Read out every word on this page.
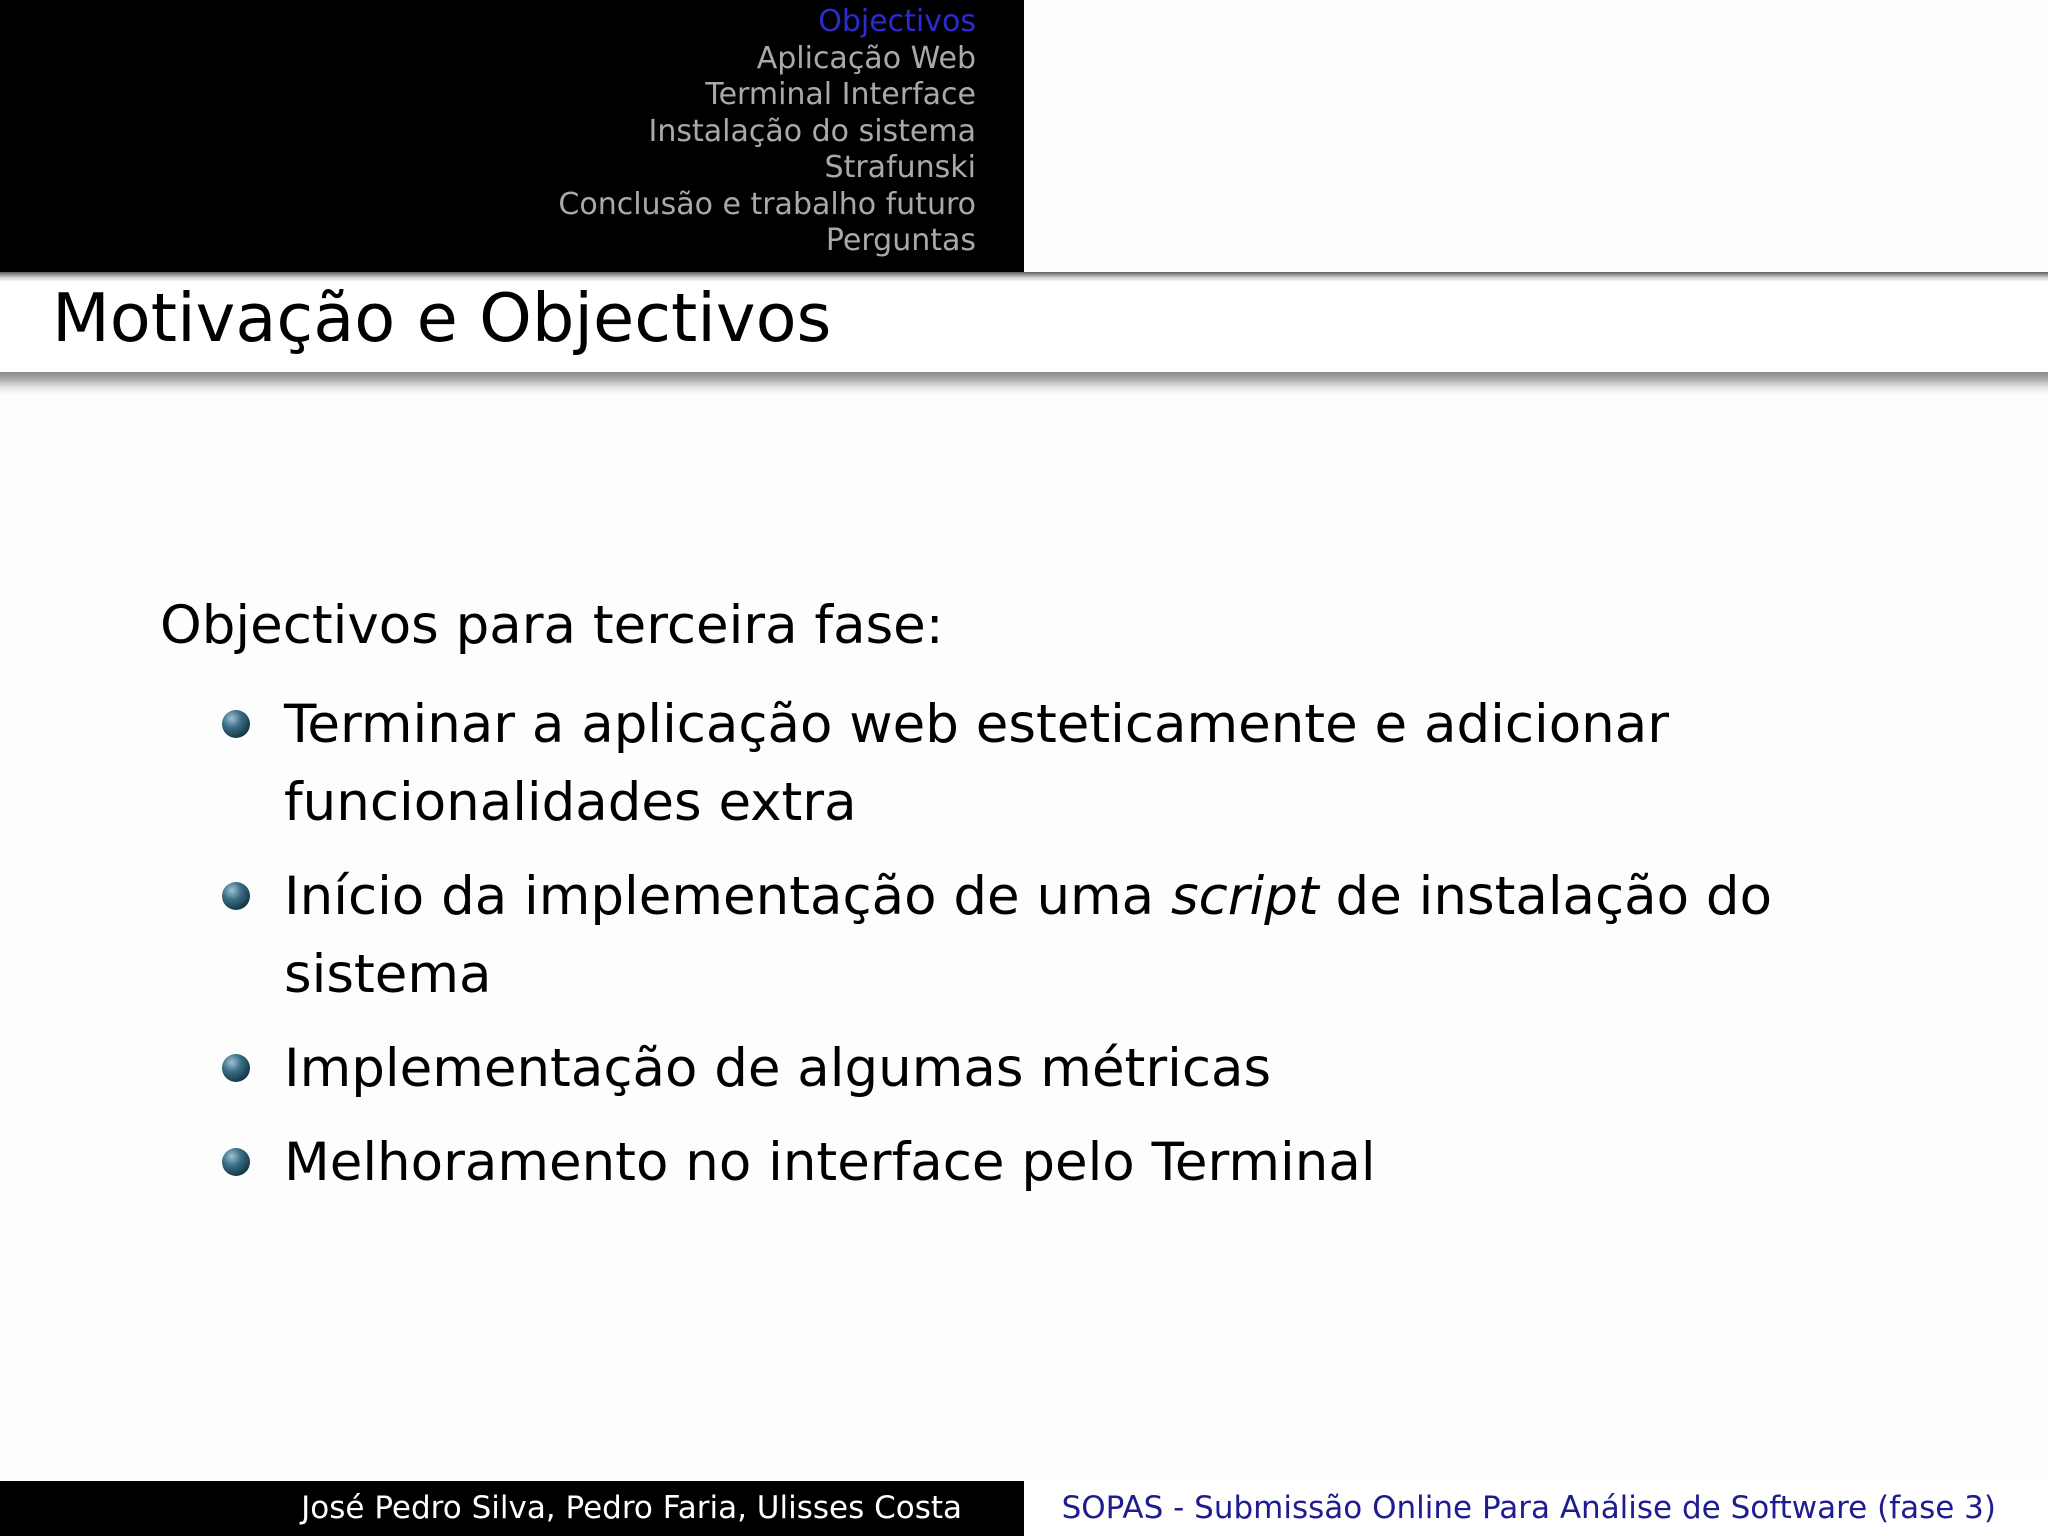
Objectivos
Aplicação Web
Terminal Interface
Instalação do sistema
Strafunski
Conclusão e trabalho futuro
Perguntas
Motivação e Objectivos
Objectivos para terceira fase:
Terminar a aplicação web esteticamente e adicionar funcionalidades extra
Início da implementação de uma script de instalação do sistema
Implementação de algumas métricas
Melhoramento no interface pelo Terminal
José Pedro Silva, Pedro Faria, Ulisses Costa	SOPAS - Submissão Online Para Análise de Software (fase 3)
